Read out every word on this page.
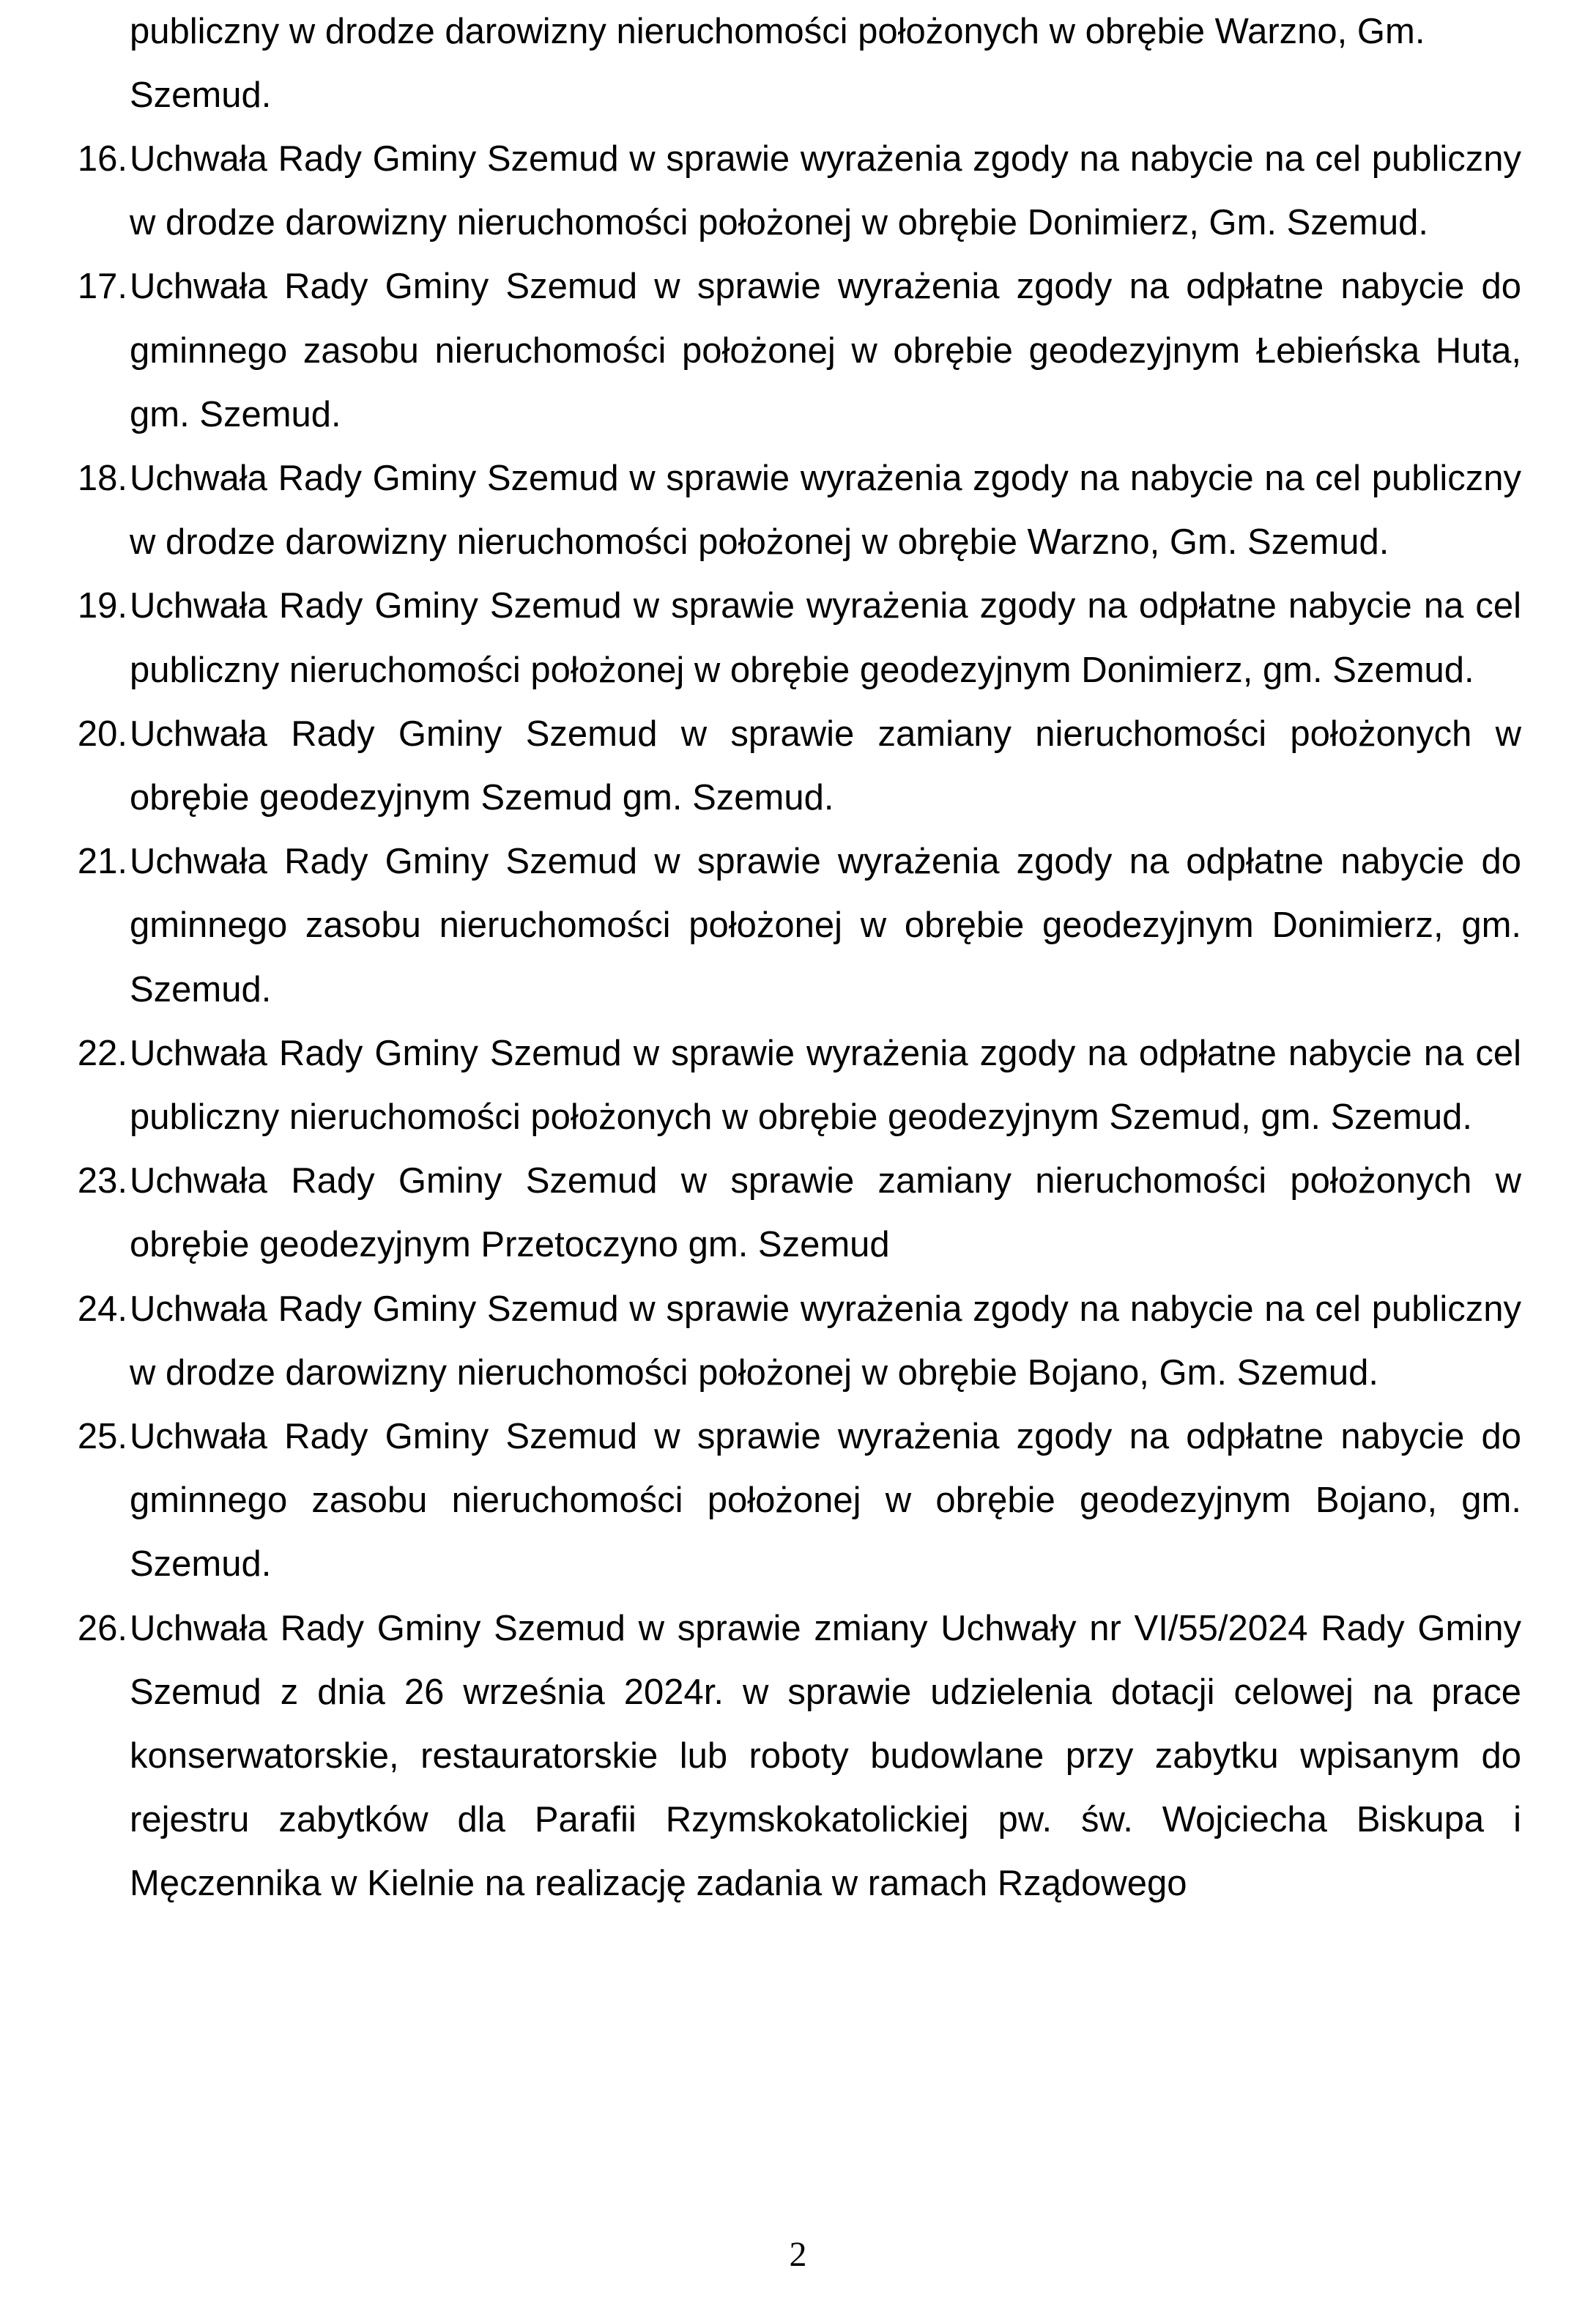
publiczny w drodze darowizny nieruchomości położonych w obrębie Warzno, Gm. Szemud.
16. Uchwała Rady Gminy Szemud w sprawie wyrażenia zgody na nabycie na cel publiczny w drodze darowizny nieruchomości położonej w obrębie Donimierz, Gm. Szemud.
17. Uchwała Rady Gminy Szemud w sprawie wyrażenia zgody na odpłatne nabycie do gminnego zasobu nieruchomości położonej w obrębie geodezyjnym Łebieńska Huta, gm. Szemud.
18. Uchwała Rady Gminy Szemud w sprawie wyrażenia zgody na nabycie na cel publiczny w drodze darowizny nieruchomości położonej w obrębie Warzno, Gm. Szemud.
19. Uchwała Rady Gminy Szemud w sprawie wyrażenia zgody na odpłatne nabycie na cel publiczny nieruchomości położonej w obrębie geodezyjnym Donimierz, gm. Szemud.
20. Uchwała Rady Gminy Szemud w sprawie zamiany nieruchomości położonych w obrębie geodezyjnym Szemud gm. Szemud.
21. Uchwała Rady Gminy Szemud w sprawie wyrażenia zgody na odpłatne nabycie do gminnego zasobu nieruchomości położonej w obrębie geodezyjnym Donimierz, gm. Szemud.
22. Uchwała Rady Gminy Szemud w sprawie wyrażenia zgody na odpłatne nabycie na cel publiczny nieruchomości położonych w obrębie geodezyjnym Szemud, gm. Szemud.
23. Uchwała Rady Gminy Szemud w sprawie zamiany nieruchomości położonych w obrębie geodezyjnym Przetoczyno gm. Szemud
24. Uchwała Rady Gminy Szemud w sprawie wyrażenia zgody na nabycie na cel publiczny w drodze darowizny nieruchomości położonej w obrębie Bojano, Gm. Szemud.
25. Uchwała Rady Gminy Szemud w sprawie wyrażenia zgody na odpłatne nabycie do gminnego zasobu nieruchomości położonej w obrębie geodezyjnym Bojano, gm. Szemud.
26. Uchwała Rady Gminy Szemud w sprawie zmiany Uchwały nr VI/55/2024 Rady Gminy Szemud z dnia 26 września 2024r. w sprawie udzielenia dotacji celowej na prace konserwatorskie, restauratorskie lub roboty budowlane przy zabytku wpisanym do rejestru zabytków dla Parafii Rzymskokatolickiej pw. św. Wojciecha Biskupa i Męczennika w Kielnie na realizację zadania w ramach Rządowego
2
